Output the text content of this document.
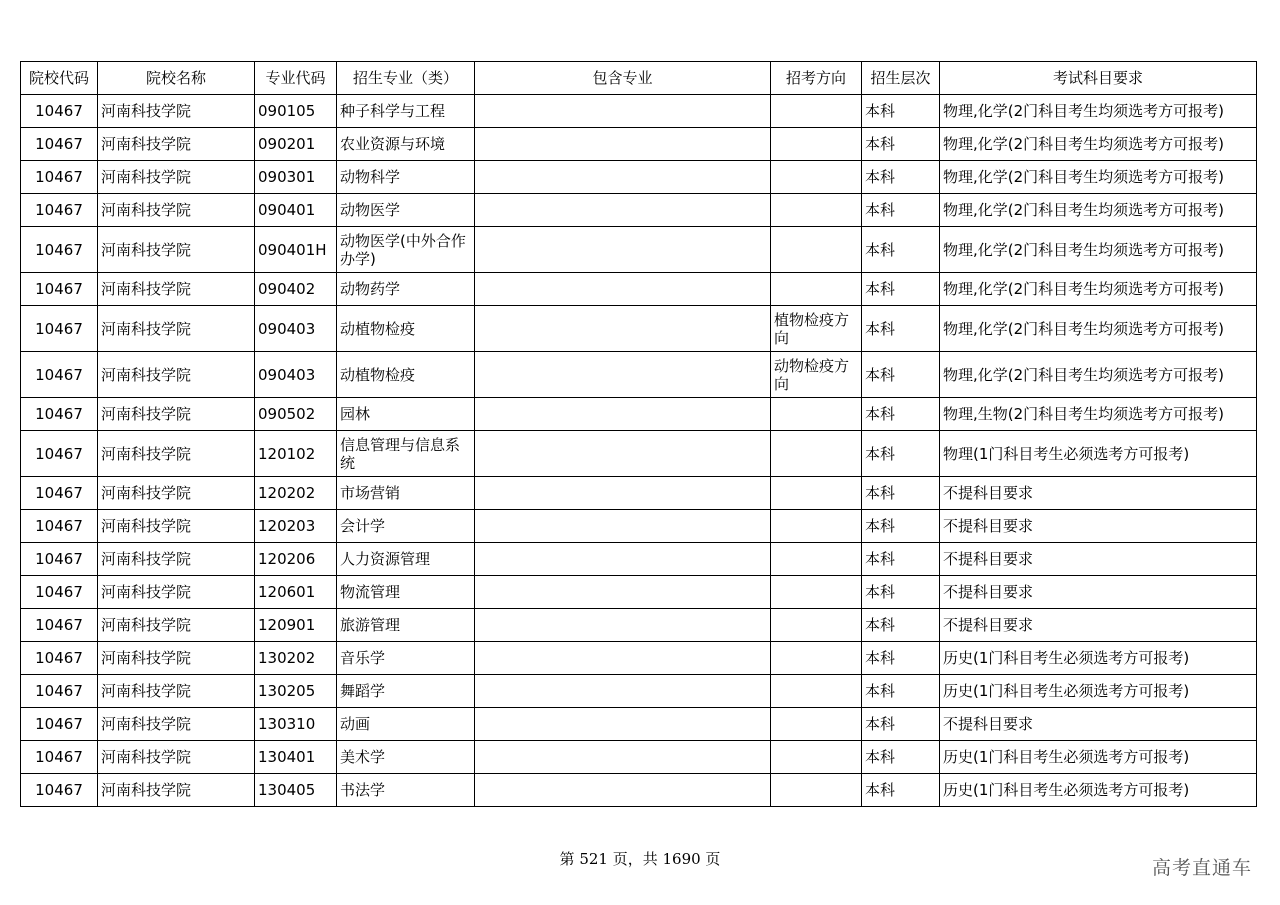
院校代码	院校名称	专业代码	招生专业（类）	包含专业	招考方向	招生层次	考试科目要求
10467	河南科技学院	090105	种子科学与工程			本科	物理,化学(2门科目考生均须选考方可报考)
10467	河南科技学院	090201	农业资源与环境			本科	物理,化学(2门科目考生均须选考方可报考)
10467	河南科技学院	090301	动物科学			本科	物理,化学(2门科目考生均须选考方可报考)
10467	河南科技学院	090401	动物医学			本科	物理,化学(2门科目考生均须选考方可报考)
10467	河南科技学院	090401H	动物医学(中外合作办学)			本科	物理,化学(2门科目考生均须选考方可报考)
10467	河南科技学院	090402	动物药学			本科	物理,化学(2门科目考生均须选考方可报考)
10467	河南科技学院	090403	动植物检疫		植物检疫方向	本科	物理,化学(2门科目考生均须选考方可报考)
10467	河南科技学院	090403	动植物检疫		动物检疫方向	本科	物理,化学(2门科目考生均须选考方可报考)
10467	河南科技学院	090502	园林			本科	物理,生物(2门科目考生均须选考方可报考)
10467	河南科技学院	120102	信息管理与信息系统			本科	物理(1门科目考生必须选考方可报考)
10467	河南科技学院	120202	市场营销			本科	不提科目要求
10467	河南科技学院	120203	会计学			本科	不提科目要求
10467	河南科技学院	120206	人力资源管理			本科	不提科目要求
10467	河南科技学院	120601	物流管理			本科	不提科目要求
10467	河南科技学院	120901	旅游管理			本科	不提科目要求
10467	河南科技学院	130202	音乐学			本科	历史(1门科目考生必须选考方可报考)
10467	河南科技学院	130205	舞蹈学			本科	历史(1门科目考生必须选考方可报考)
10467	河南科技学院	130310	动画			本科	不提科目要求
10467	河南科技学院	130401	美术学			本科	历史(1门科目考生必须选考方可报考)
10467	河南科技学院	130405	书法学			本科	历史(1门科目考生必须选考方可报考)
第 521 页，共 1690 页	高考直通车
